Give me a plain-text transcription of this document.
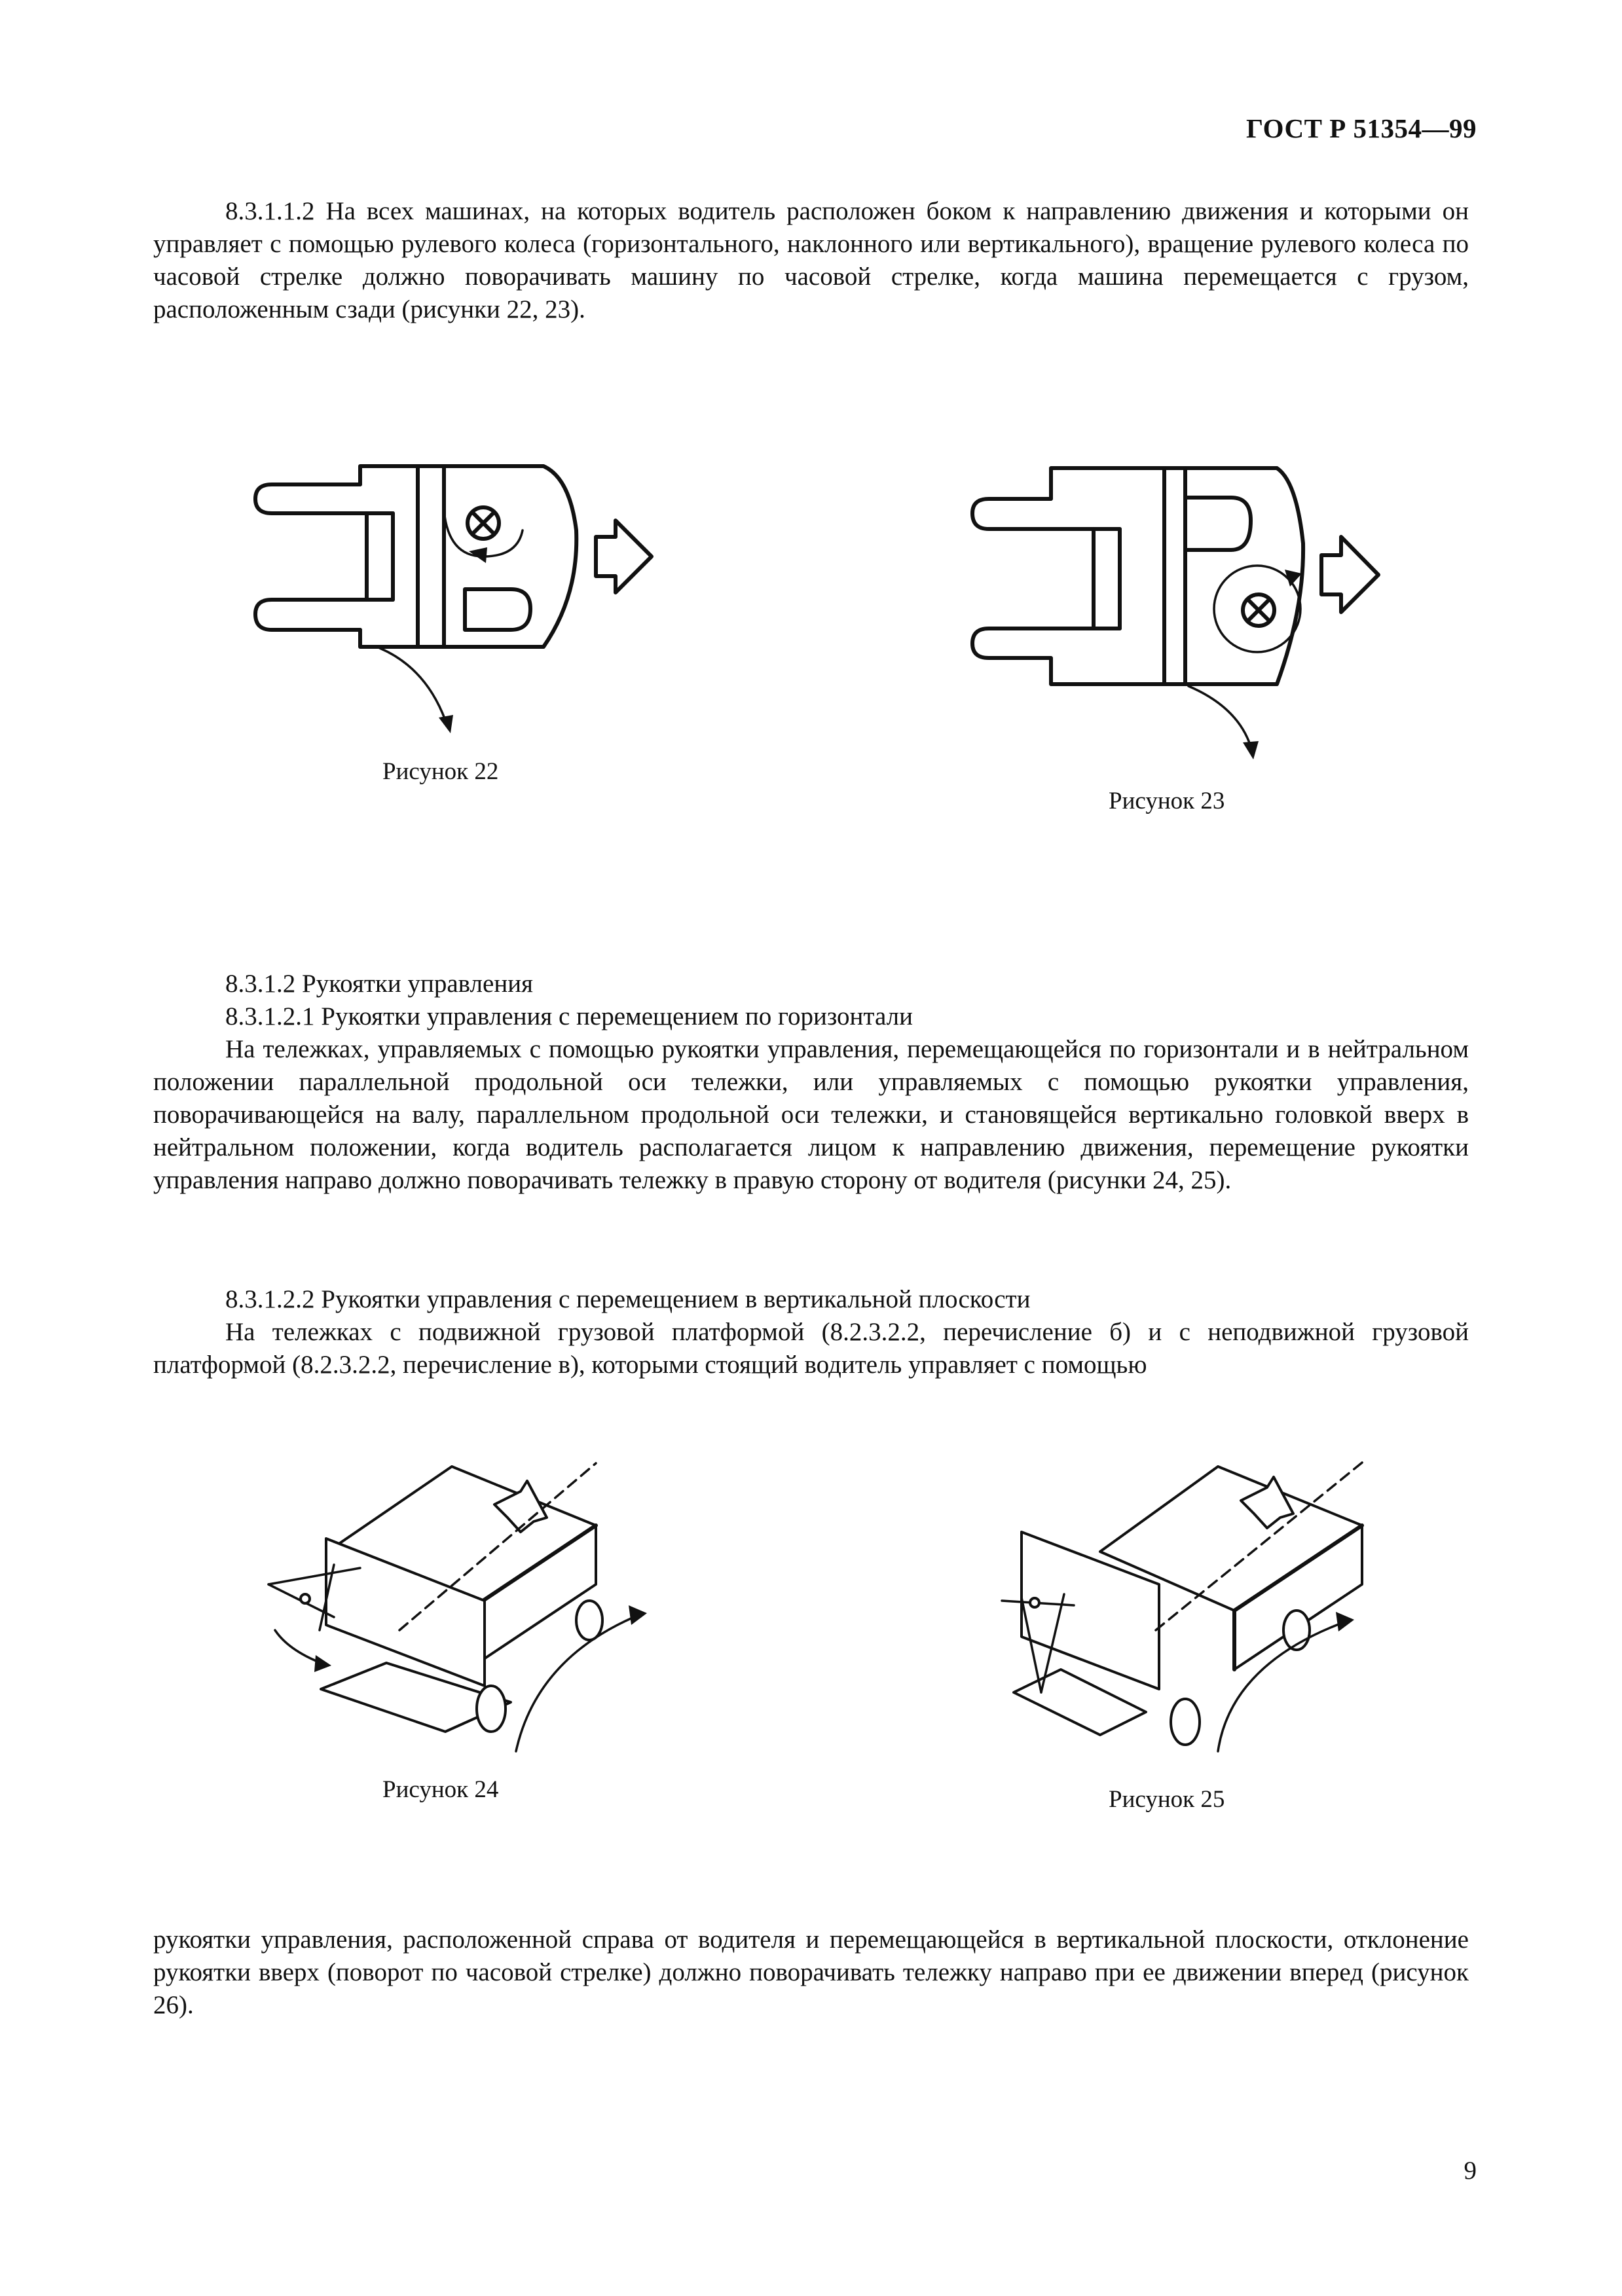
ГОСТ Р 51354—99

8.3.1.1.2 На всех машинах, на которых водитель расположен боком к направлению движения и которыми он управляет с помощью рулевого колеса (горизонтального, наклонного или вертикального), вращение рулевого колеса по часовой стрелке должно поворачивать машину по часовой стрелке, когда машина перемещается с грузом, расположенным сзади (рисунки 22, 23).

Рисунок 22
Рисунок 23

8.3.1.2 Рукоятки управления

8.3.1.2.1 Рукоятки управления с перемещением по горизонтали

На тележках, управляемых с помощью рукоятки управления, перемещающейся по горизонтали и в нейтральном положении параллельной продольной оси тележки, или управляемых с помощью рукоятки управления, поворачивающейся на валу, параллельном продольной оси тележки, и становящейся вертикально головкой вверх в нейтральном положении, когда водитель располагается лицом к направлению движения, перемещение рукоятки управления направо должно поворачивать тележку в правую сторону от водителя (рисунки 24, 25).

8.3.1.2.2 Рукоятки управления с перемещением в вертикальной плоскости

На тележках с подвижной грузовой платформой (8.2.3.2.2, перечисление б) и с неподвижной грузовой платформой (8.2.3.2.2, перечисление в), которыми стоящий водитель управляет с помощью

Рисунок 24	Рисунок 25

рукоятки управления, расположенной справа от водителя и перемещающейся в вертикальной плоскости, отклонение рукоятки вверх (поворот по часовой стрелке) должно поворачивать тележку направо при ее движении вперед (рисунок 26).

9
